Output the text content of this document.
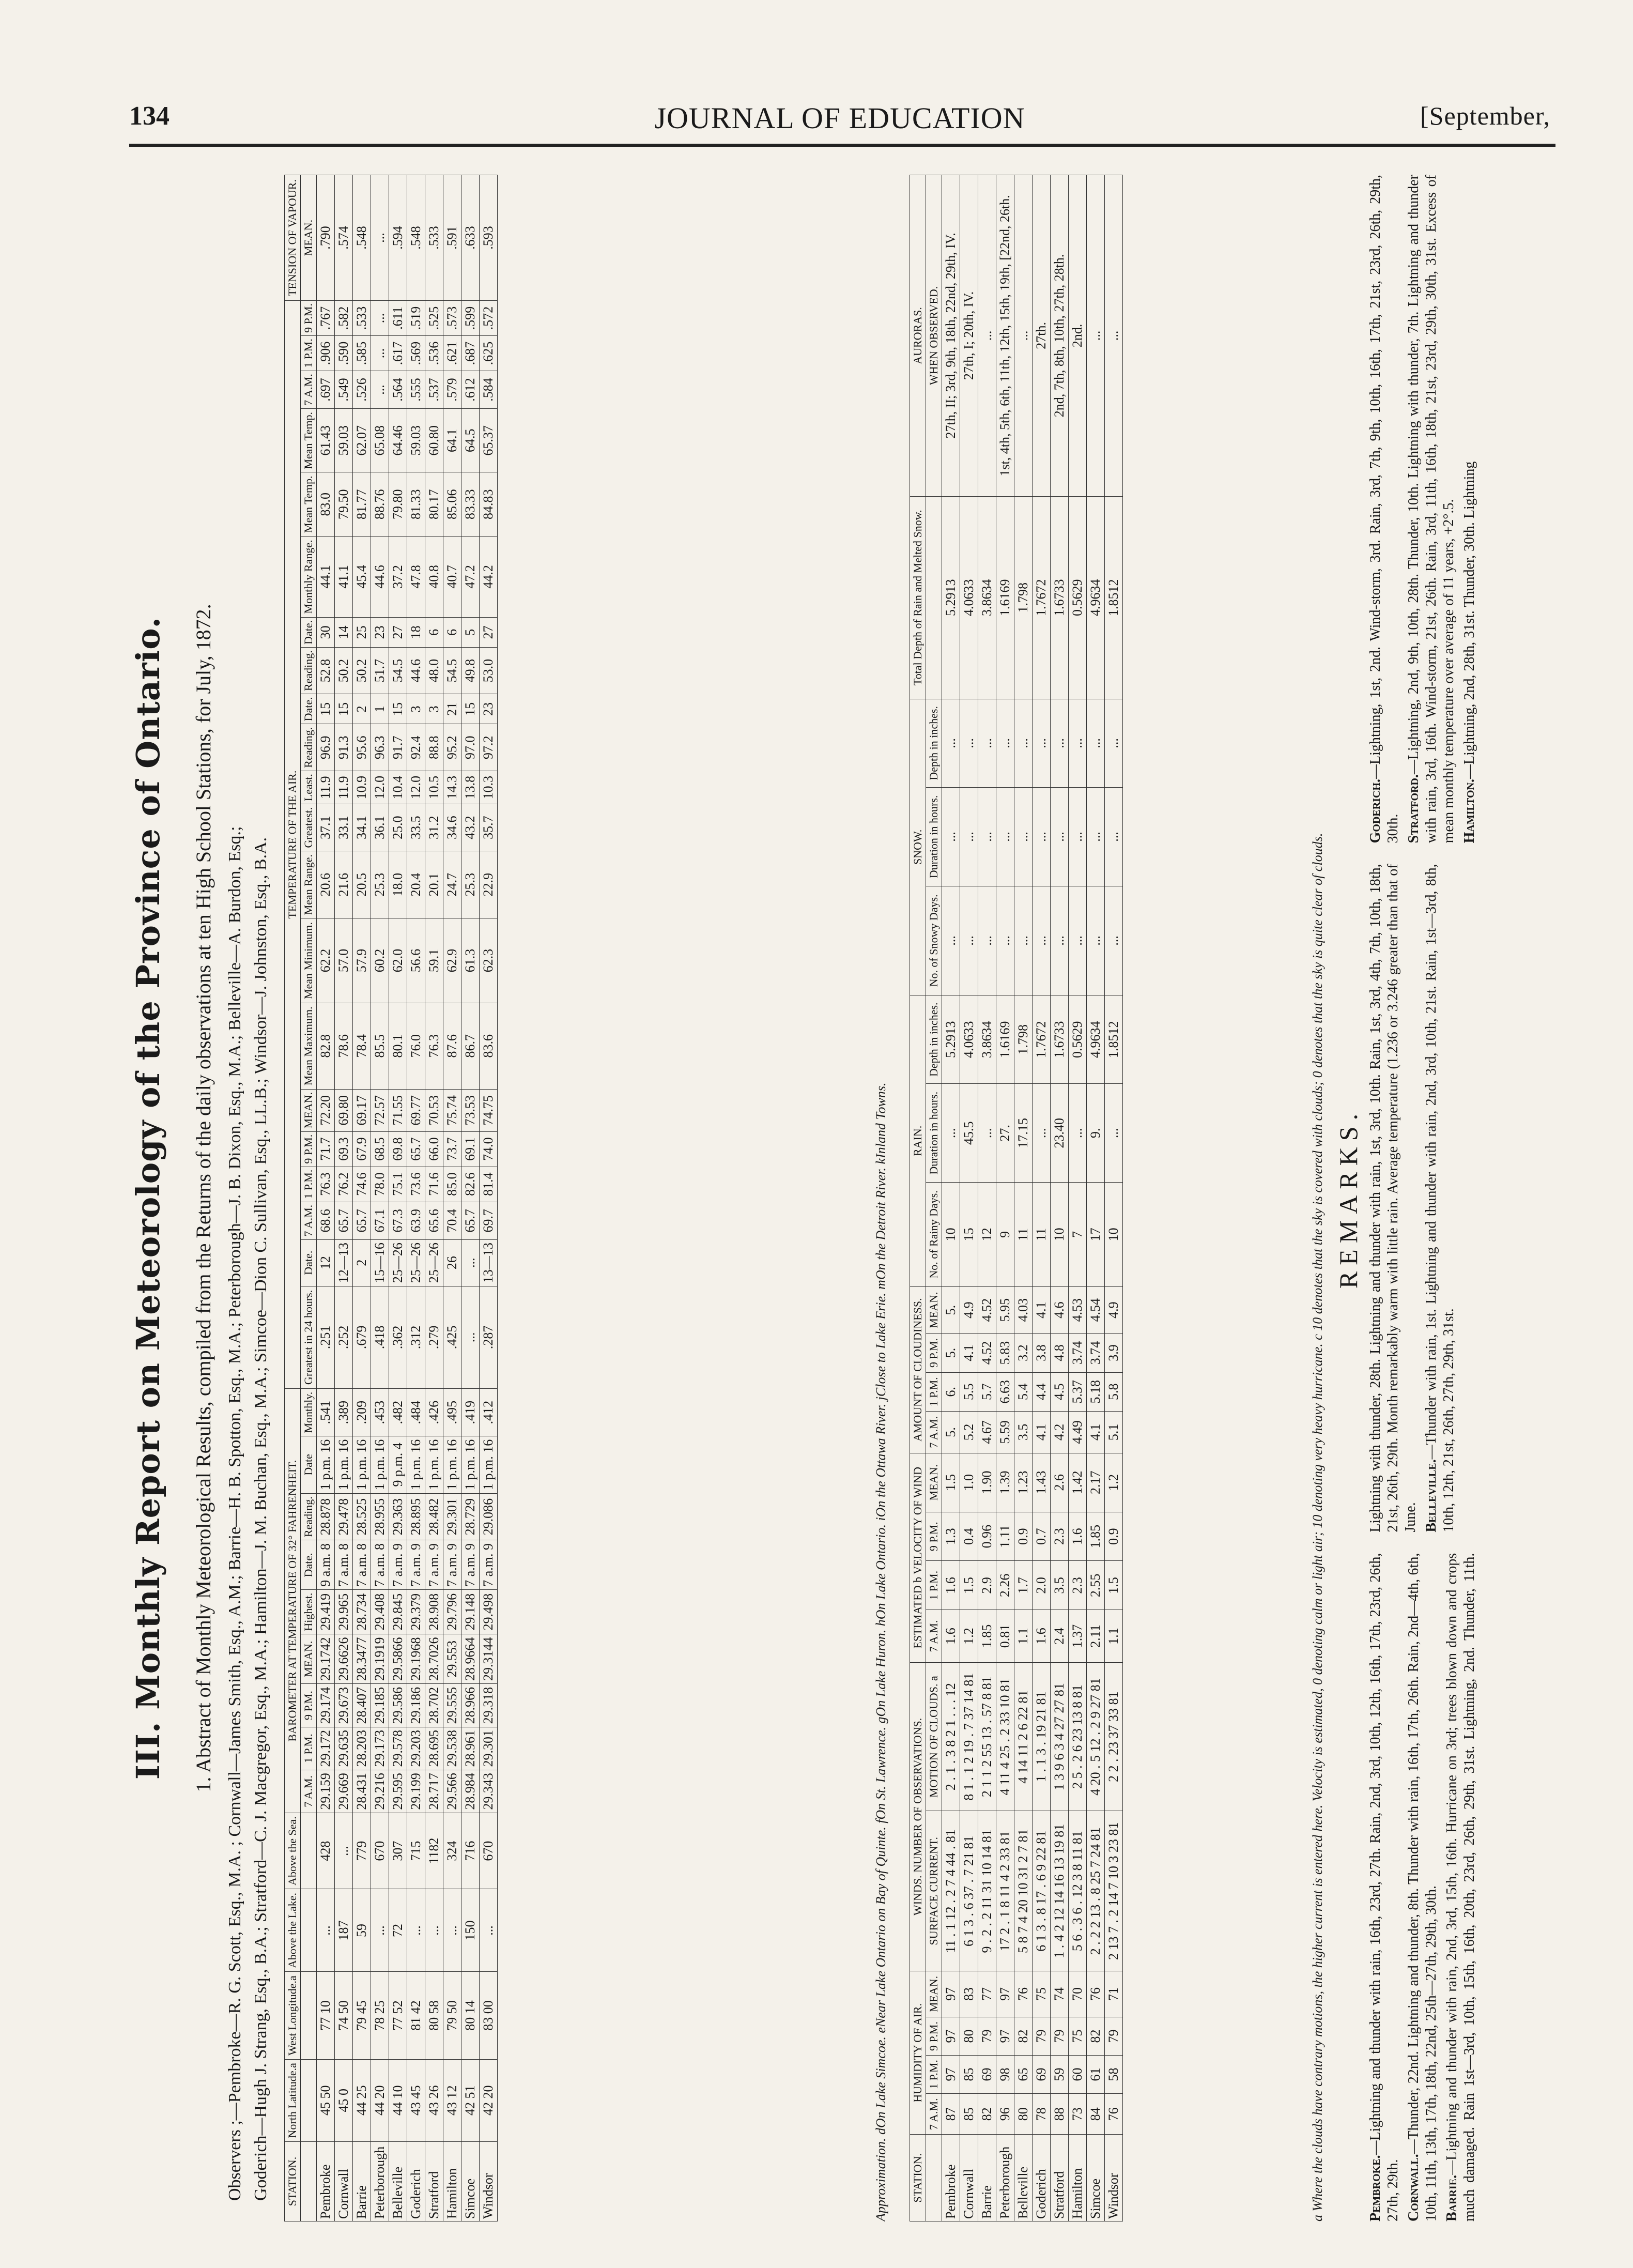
134	JOURNAL OF EDUCATION	[September,
III. Monthly Report on Meteorology of the Province of Ontario. 1. Abstract of Monthly Meteorological Results, compiled from the Returns of the daily observations at ten High School Stations, for July, 1872. Observers ;—Pembroke—R. G. Scott, Esq., M.A. ; Cornwall—James Smith, Esq., A.M.; Barrie—H. B. Spotton, Esq., M.A.; Peterborough—J. B. Dixon, Esq., M.A.; Belleville—A. Burdon, Esq.; Goderich—Hugh J. Strang, Esq., B.A.; Stratford—C. J. Macgregor, Esq., M.A.; Hamilton—J. M. Buchan, Esq., M.A.; Simcoe—Dion C. Sullivan, Esq., LL.B.; Windsor—J. Johnston, Esq., B.A.	STATION.	North Latitude.a	West Longitude.a	Above the Lake.	Above the Sea.	BAROMETER AT TEMPERATURE OF 32° FAHRENHEIT.									TEMPERATURE OF THE AIR.																					TENSION OF VAPOUR.
					7 A.M.	1 P.M.	9 P.M.	MEAN.	Highest.	Date.	Reading.	Date	Monthly.	Greatest in 24 hours.	Date.	7 A.M.	1 P.M.	9 P.M.	MEAN.	Mean Maximum.	Mean Minimum.	Mean Range.	Greatest.	Least.	Reading.	Date.	Reading.	Date.	Monthly Range.	Mean Temp.	Mean Temp.	7 A.M.	1 P.M.	9 P.M.	MEAN.
Pembroke	45 50	77 10	...	428	29.159	29.172	29.174	29.1742	29.419	9 a.m. 8	28.878	1 p.m. 16	.541	.251	12	68.6	76.3	71.7	72.20	82.8	62.2	20.6	37.1	11.9	96.9	15	52.8	30	44.1	83.0	61.43	.697	.906	.767	.790
Cornwall	45 0	74 50	187	...	29.669	29.635	29.673	29.6626	29.965	7 a.m. 8	29.478	1 p.m. 16	.389	.252	12—13	65.7	76.2	69.3	69.80	78.6	57.0	21.6	33.1	11.9	91.3	15	50.2	14	41.1	79.50	59.03	.549	.590	.582	.574
Barrie	44 25	79 45	59	779	28.431	28.203	28.407	28.3477	28.734	7 a.m. 8	28.525	1 p.m. 16	.209	.679	2	65.7	74.6	67.9	69.17	78.4	57.9	20.5	34.1	10.9	95.6	2	50.2	25	45.4	81.77	62.07	.526	.585	.533	.548
Peterborough	44 20	78 25	...	670	29.216	29.173	29.185	29.1919	29.408	7 a.m. 8	28.955	1 p.m. 16	.453	.418	15—16	67.1	78.0	68.5	72.57	85.5	60.2	25.3	36.1	12.0	96.3	1	51.7	23	44.6	88.76	65.08	...	...	...	...
Belleville	44 10	77 52	72	307	29.595	29.578	29.586	29.5866	29.845	7 a.m. 9	29.363	9 p.m. 4	.482	.362	25—26	67.3	75.1	69.8	71.55	80.1	62.0	18.0	25.0	10.4	91.7	15	54.5	27	37.2	79.80	64.46	.564	.617	.611	.594
Goderich	43 45	81 42	...	715	29.199	29.203	29.186	29.1968	29.379	7 a.m. 9	28.895	1 p.m. 16	.484	.312	25—26	63.9	73.6	65.7	69.77	76.0	56.6	20.4	33.5	12.0	92.4	3	44.6	18	47.8	81.33	59.03	.555	.569	.519	.548
Stratford	43 26	80 58	...	1182	28.717	28.695	28.702	28.7026	28.908	7 a.m. 9	28.482	1 p.m. 16	.426	.279	25—26	65.6	71.6	66.0	70.53	76.3	59.1	20.1	31.2	10.5	88.8	3	48.0	6	40.8	80.17	60.80	.537	.536	.525	.533
Hamilton	43 12	79 50	...	324	29.566	29.538	29.555	29.553	29.796	7 a.m. 9	29.301	1 p.m. 16	.495	.425	26	70.4	85.0	73.7	75.74	87.6	62.9	24.7	34.6	14.3	95.2	21	54.5	6	40.7	85.06	64.1	.579	.621	.573	.591
Simcoe	42 51	80 14	150	716	28.984	28.961	28.966	28.9664	29.148	7 a.m. 9	28.729	1 p.m. 16	.419	...	...	65.7	82.6	69.1	73.53	86.7	61.3	25.3	43.2	13.8	97.0	15	49.8	5	47.2	83.33	64.5	.612	.687	.599	.633
Windsor	42 20	83 00	...	670	29.343	29.301	29.318	29.3144	29.498	7 a.m. 9	29.086	1 p.m. 16	.412	.287	13—13	69.7	81.4	74.0	74.75	83.6	62.3	22.9	35.7	10.3	97.2	23	53.0	27	44.2	84.83	65.37	.584	.625	.572	.593
Approximation. dOn Lake Simcoe. eNear Lake Ontario on Bay of Quinte. fOn St. Lawrence. gOn Lake Huron. hOn Lake Ontario. iOn the Ottawa River. jClose to Lake Erie. mOn the Detroit River. kInland Towns. STATION.	HUMIDITY OF AIR.				WINDS. NUMBER OF OBSERVATIONS.		ESTIMATED b VELOCITY OF WIND				AMOUNT OF CLOUDINESS.				RAIN.			SNOW.			Total Depth of Rain and Melted Snow.	AURORAS.
	7 A.M.	1 P.M.	9 P.M.	MEAN.	SURFACE CURRENT.	MOTION OF CLOUDS. a	7 A.M.	1 P.M.	9 P.M.	MEAN.	7 A.M.	1 P.M.	9 P.M.	MEAN.	No. of Rainy Days.	Duration in hours.	Depth in inches.	No. of Snowy Days.	Duration in hours.	Depth in inches.		WHEN OBSERVED.
Pembroke	87	97	97	97	11 . 1 12 . 2 7 4 44 . 81	2 . 1 . 3 8 2 1 . . . 12	1.6	1.6	1.3	1.5	5.	6.	5.	5.	10	...	5.2913	...	...	...	5.2913	27th, II; 3rd, 9th, 18th, 22nd, 29th, IV.
Cornwall	85	85	80	83	6 1 3 . 6 37 . 7 21 81	8 1 . 1 2 19 . 7 37 14 81	1.2	1.5	0.4	1.0	5.2	5.5	4.1	4.9	15	45.5	4.0633	...	...	...	4.0633	27th, I; 20th, IV.
Barrie	82	69	79	77	9 . 2 . 2 11 31 10 14 81	2 1 1 2 55 13 . 57 8 81	1.85	2.9	0.96	1.90	4.67	5.7	4.52	4.52	12	...	3.8634	...	...	...	3.8634	...
Peterborough	96	98	97	97	17 2 . 1 8 11 4 2 33 81	4 11 4 25 . 2 33 10 81	0.81	2.26	1.11	1.39	5.59	6.63	5.83	5.95	9	27.	1.6169	...	...	...	1.6169	1st, 4th, 5th, 6th, 11th, 12th, 15th, 19th, [22nd, 26th.
Belleville	80	65	82	76	5 8 7 4 20 10 31 2 7 81	4 14 11 2 6 22 81	1.1	1.7	0.9	1.23	3.5	5.4	3.2	4.03	11	17.15	1.798	...	...	...	1.798	...
Goderich	78	69	79	75	6 1 3 . 8 17 . 6 9 22 81	1 . 1 3 . 19 21 81	1.6	2.0	0.7	1.43	4.1	4.4	3.8	4.1	11	...	1.7672	...	...	...	1.7672	27th.
Stratford	88	59	79	74	1 . 4 2 12 14 16 13 19 81	1 3 9 6 3 4 27 27 81	2.4	3.5	2.3	2.6	4.2	4.5	4.8	4.6	10	23.40	1.6733	...	...	...	1.6733	2nd, 7th, 8th, 10th, 27th, 28th.
Hamilton	73	60	75	70	5 6 . 3 6 . 12 3 8 11 81	2 5 . 2 6 23 13 8 81	1.37	2.3	1.6	1.42	4.49	5.37	3.74	4.53	7	...	0.5629	...	...	...	0.5629	2nd.
Simcoe	84	61	82	76	2 . 2 2 13 . 8 25 7 24 81	4 20 . 5 12 . 2 9 27 81	2.11	2.55	1.85	2.17	4.1	5.18	3.74	4.54	17	9.	4.9634	...	...	...	4.9634	...
Windsor	76	58	79	71	2 13 7 . 2 14 7 10 3 23 81	2 2 . 23 37 33 81	1.1	1.5	0.9	1.2	5.1	5.8	3.9	4.9	10	...	1.8512	...	...	...	1.8512	...
a Where the clouds have contrary motions, the higher current is entered here. Velocity is estimated, 0 denoting calm or light air; 10 denoting very heavy hurricane. c 10 denotes that the sky is covered with clouds; 0 denotes that the sky is quite clear of clouds. REMARKS.

Pembroke.—Lightning and thunder with rain, 16th, 23rd, 27th. Rain, 2nd, 3rd, 10th, 12th, 16th, 17th, 23rd, 26th, 27th, 29th. Cornwall.—Thunder, 22nd. Lightning and thunder, 8th. Thunder with rain, 16th, 17th, 26th. Rain, 2nd—4th, 6th, 10th, 11th, 13th, 17th, 18th, 22nd, 25th—27th, 29th, 30th. Barrie.—Lightning and thunder with rain, 2nd, 3rd, 15th, 16th. Hurricane on 3rd; trees blown down and crops much damaged. Rain 1st—3rd, 10th, 15th, 16th, 20th, 23rd, 26th, 29th, 31st. Lightning, 2nd. Thunder, 11th. Lightning with thunder, 28th. Lightning and thunder with rain, 1st, 3rd, 10th. Rain, 1st, 3rd, 4th, 7th, 10th, 18th, 21st, 26th, 29th. Month remarkably warm with little rain. Average temperature (1.236 or 3.246 greater than that of June. Belleville.—Thunder with rain, 1st. Lightning and thunder with rain, 2nd, 3rd, 10th, 21st. Rain, 1st—3rd, 8th, 10th, 12th, 21st, 26th, 27th, 29th, 31st.

Goderich.—Lightning, 1st, 2nd. Wind-storm, 3rd. Rain, 3rd, 7th, 9th, 10th, 16th, 17th, 21st, 23rd, 26th, 29th, 30th. Stratford.—Lightning, 2nd, 9th, 10th, 28th. Thunder, 10th. Lightning with thunder, 7th. Lightning and thunder with rain, 3rd, 16th. Wind-storm, 21st, 26th. Rain, 3rd, 11th, 16th, 18th, 21st, 23rd, 29th, 30th, 31st. Excess of mean monthly temperature over average of 11 years, +2°.5. Hamilton.—Lightning, 2nd, 28th, 31st. Thunder, 30th. Lightning
